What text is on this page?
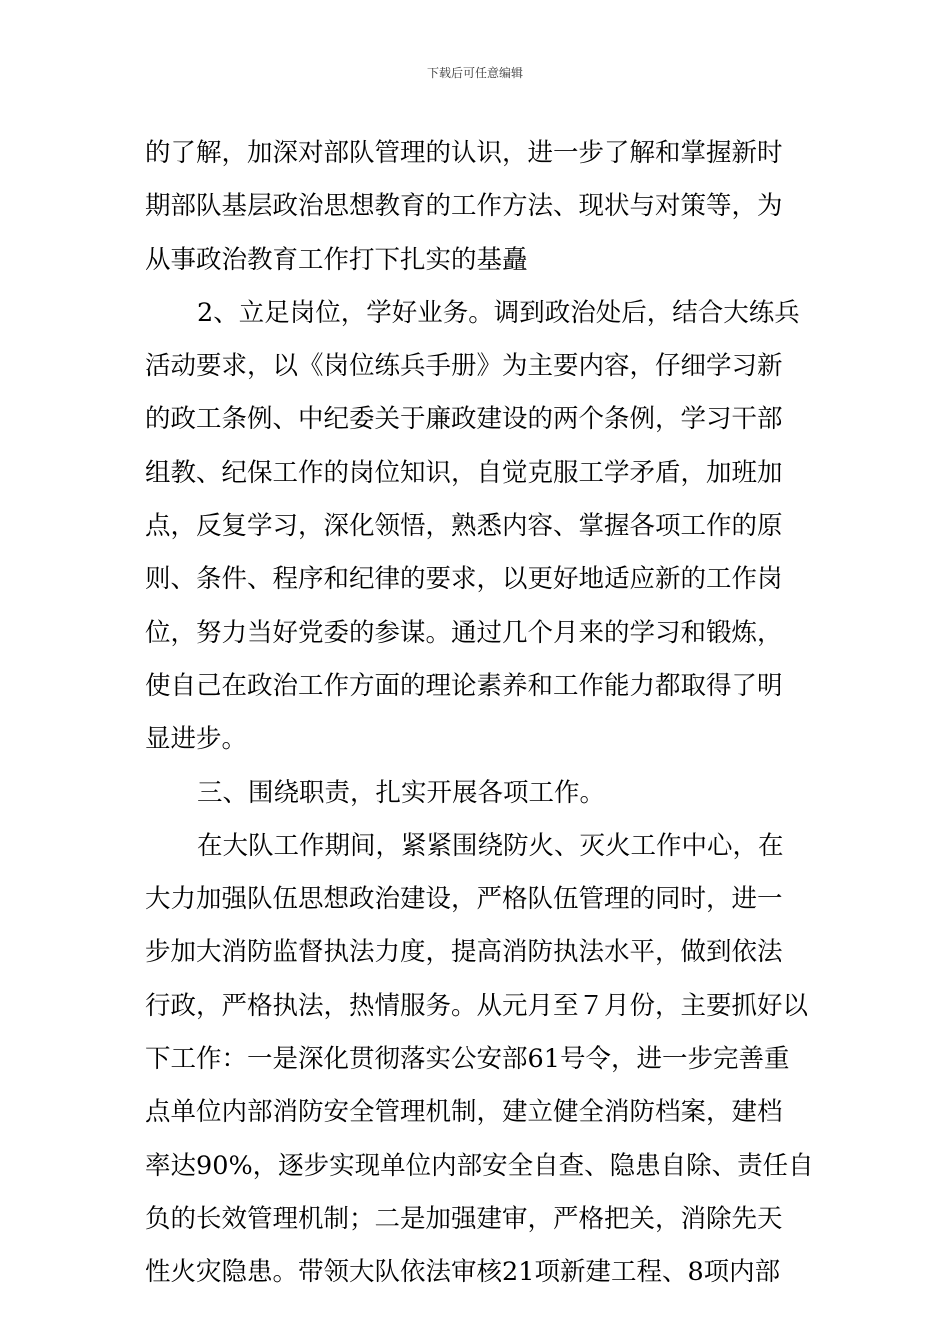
下载后可任意编辑
的了解，加深对部队管理的认识，进一步了解和掌握新时
期部队基层政治思想教育的工作方法、现状与对策等，为
从事政治教育工作打下扎实的基矗
2、立足岗位，学好业务。调到政治处后，结合大练兵
活动要求，以《岗位练兵手册》为主要内容，仔细学习新
的政工条例、中纪委关于廉政建设的两个条例，学习干部
组教、纪保工作的岗位知识，自觉克服工学矛盾，加班加
点，反复学习，深化领悟，熟悉内容、掌握各项工作的原
则、条件、程序和纪律的要求，以更好地适应新的工作岗
位，努力当好党委的参谋。通过几个月来的学习和锻炼，
使自己在政治工作方面的理论素养和工作能力都取得了明
显进步。
三、围绕职责，扎实开展各项工作。
在大队工作期间，紧紧围绕防火、灭火工作中心，在
大力加强队伍思想政治建设，严格队伍管理的同时，进一
步加大消防监督执法力度，提高消防执法水平，做到依法
行政，严格执法，热情服务。从元月至７月份，主要抓好以
下工作：一是深化贯彻落实公安部61号令，进一步完善重
点单位内部消防安全管理机制，建立健全消防档案，建档
率达90%，逐步实现单位内部安全自查、隐患自除、责任自
负的长效管理机制；二是加强建审，严格把关，消除先天
性火灾隐患。带领大队依法审核21项新建工程、8项内部
